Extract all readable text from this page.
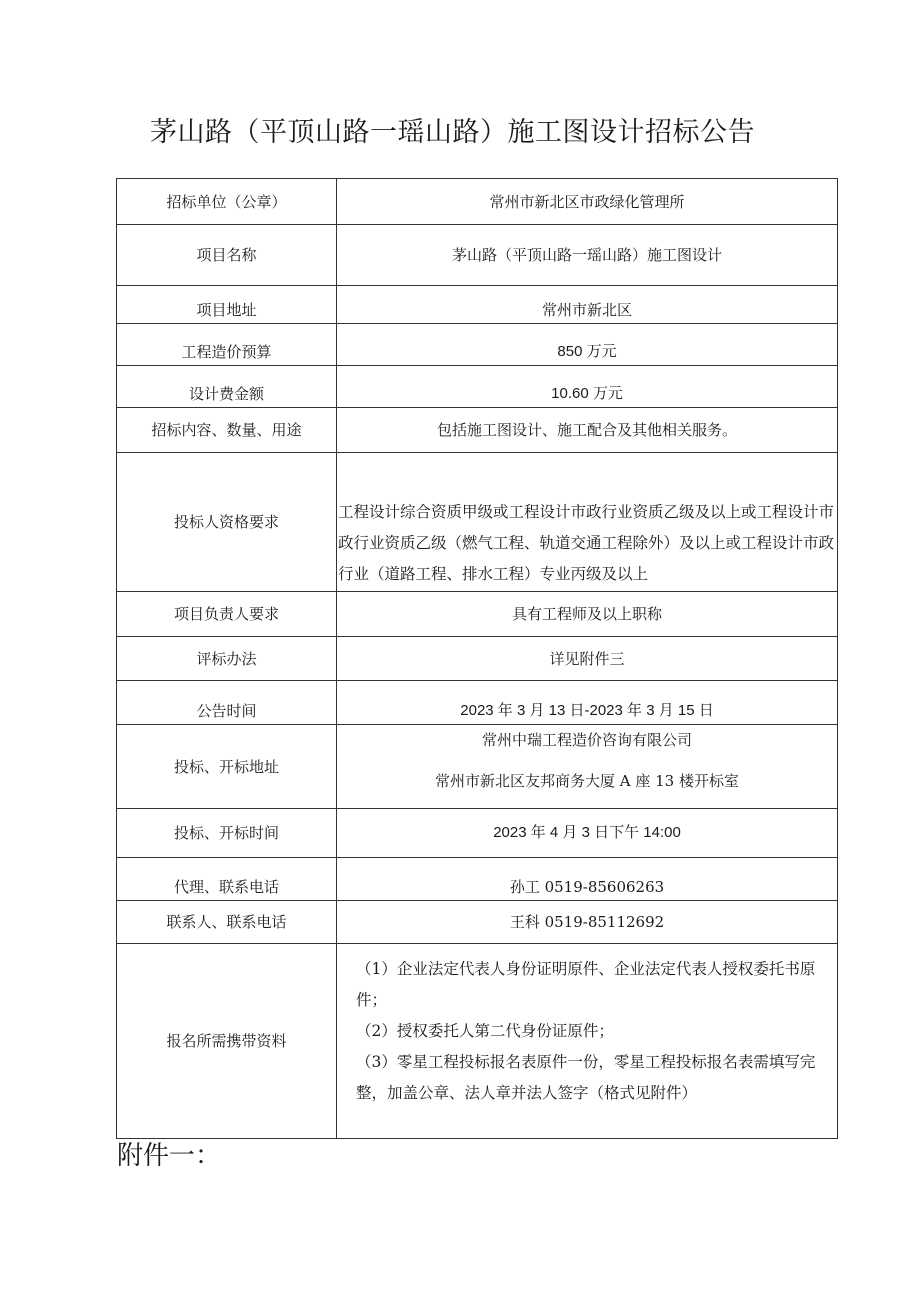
茅山路（平顶山路一瑶山路）施工图设计招标公告
招标单位（公章）	常州市新北区市政绿化管理所
项目名称	茅山路（平顶山路一瑶山路）施工图设计
项目地址	常州市新北区
工程造价预算	850 万元
设计费金额	10.60 万元
招标内容、数量、用途	包括施工图设计、施工配合及其他相关服务。
投标人资格要求	工程设计综合资质甲级或工程设计市政行业资质乙级及以上或工程设计市政行业资质乙级（燃气工程、轨道交通工程除外）及以上或工程设计市政行业（道路工程、排水工程）专业丙级及以上

项目负责人要求	具有工程师及以上职称
评标办法	详见附件三
公告时间	2023 年 3 月 13 日-2023 年 3 月 15 日
投标、开标地址	常州中瑞工程造价咨询有限公司
常州市新北区友邦商务大厦 A 座 13 楼开标室

投标、开标时间	2023 年 4 月 3 日下午 14:00
代理、联系电话	孙工 0519-85606263
联系人、联系电话	王科 0519-85112692
报名所需携带资料	（1）企业法定代表人身份证明原件、企业法定代表人授权委托书原件；

（2）授权委托人第二代身份证原件；

（3）零星工程投标报名表原件一份，零星工程投标报名表需填写完整，加盖公章、法人章并法人签字（格式见附件）

附件一：
